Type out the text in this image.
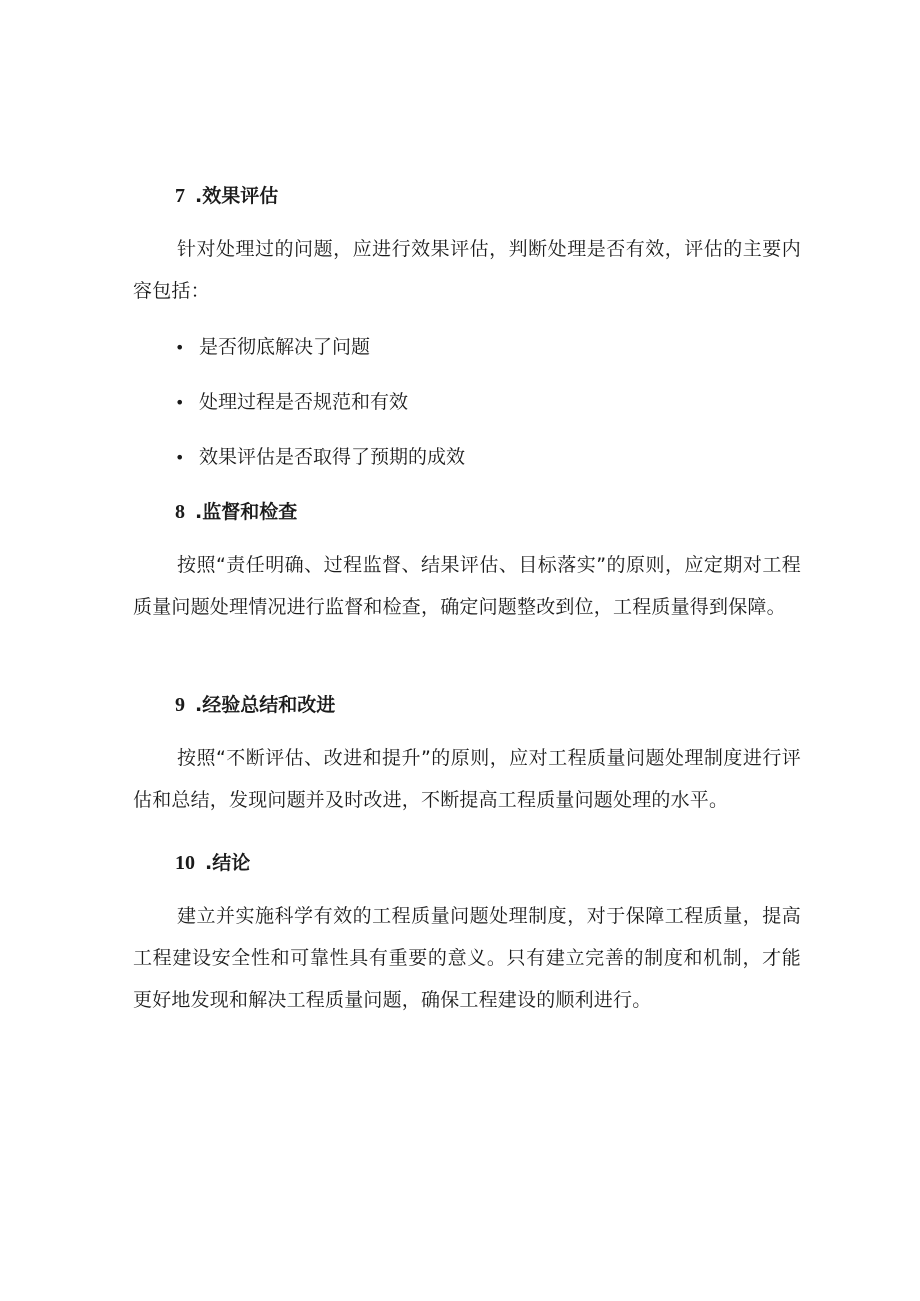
7 .效果评估
针对处理过的问题，应进行效果评估，判断处理是否有效，评估的主要内容包括：
• 是否彻底解决了问题
• 处理过程是否规范和有效
• 效果评估是否取得了预期的成效
8 .监督和检查
按照“责任明确、过程监督、结果评估、目标落实”的原则，应定期对工程质量问题处理情况进行监督和检查，确定问题整改到位，工程质量得到保障。
9 .经验总结和改进
按照“不断评估、改进和提升”的原则，应对工程质量问题处理制度进行评估和总结，发现问题并及时改进，不断提高工程质量问题处理的水平。
10 .结论
建立并实施科学有效的工程质量问题处理制度，对于保障工程质量，提高工程建设安全性和可靠性具有重要的意义。只有建立完善的制度和机制，才能更好地发现和解决工程质量问题，确保工程建设的顺利进行。
